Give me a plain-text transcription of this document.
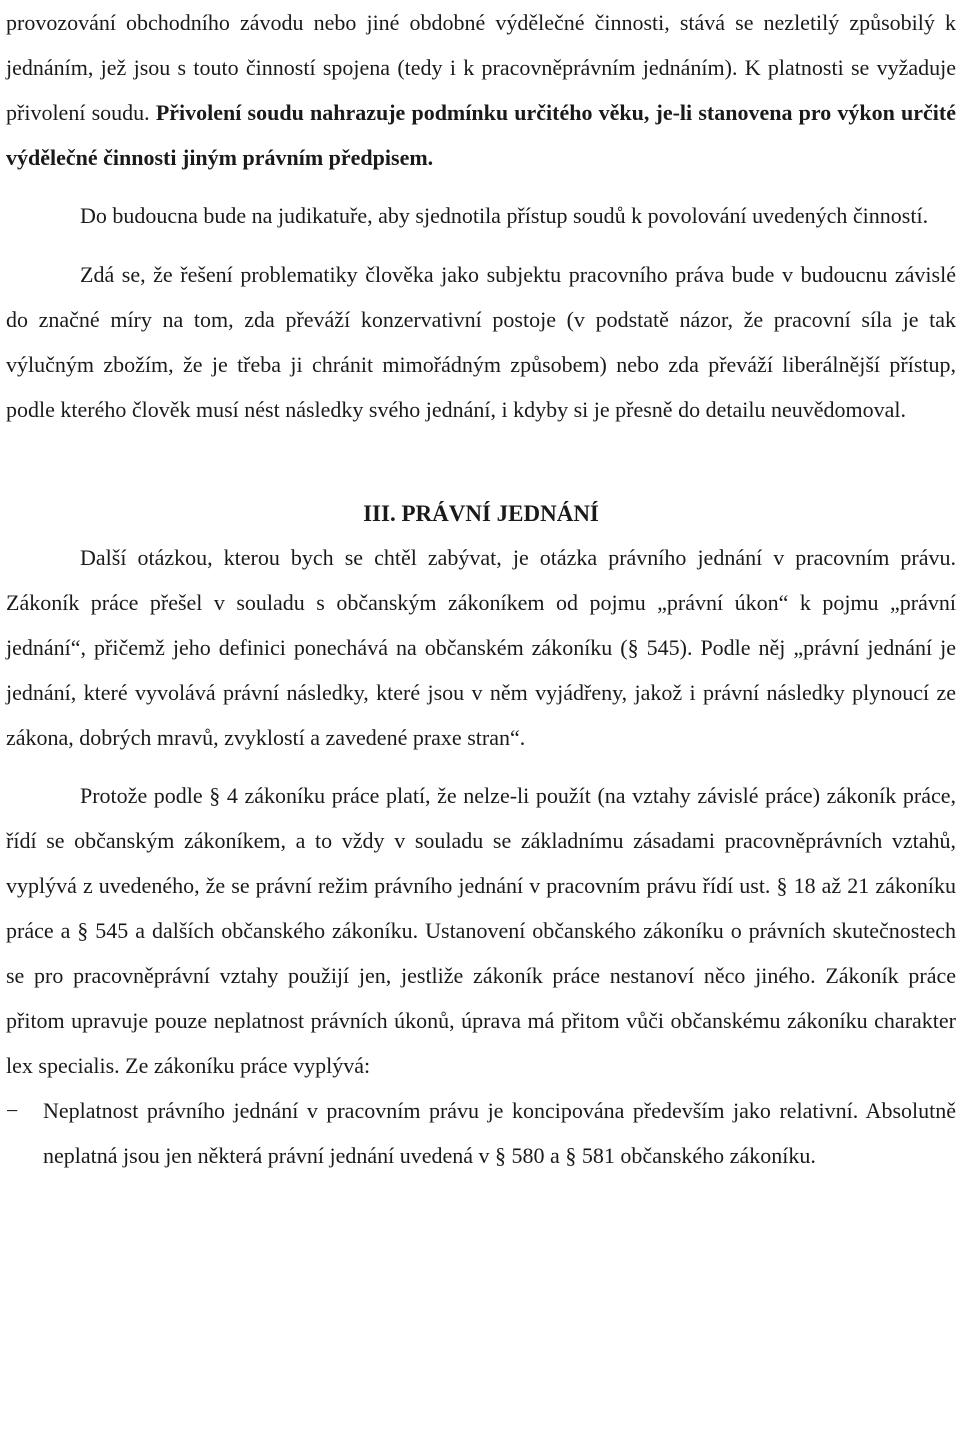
provozování obchodního závodu nebo jiné obdobné výdělečné činnosti, stává se nezletilý způsobilý k jednáním, jež jsou s touto činností spojena (tedy i k pracovněprávním jednáním). K platnosti se vyžaduje přivolení soudu. Přivolení soudu nahrazuje podmínku určitého věku, je-li stanovena pro výkon určité výdělečné činnosti jiným právním předpisem.

Do budoucna bude na judikatuře, aby sjednotila přístup soudů k povolování uvedených činností.

Zdá se, že řešení problematiky člověka jako subjektu pracovního práva bude v budoucnu závislé do značné míry na tom, zda převáží konzervativní postoje (v podstatě názor, že pracovní síla je tak výlučným zbožím, že je třeba ji chránit mimořádným způsobem) nebo zda převáží liberálnější přístup, podle kterého člověk musí nést následky svého jednání, i kdyby si je přesně do detailu neuvědomoval.

III. PRÁVNÍ JEDNÁNÍ

Další otázkou, kterou bych se chtěl zabývat, je otázka právního jednání v pracovním právu. Zákoník práce přešel v souladu s občanským zákoníkem od pojmu „právní úkon“ k pojmu „právní jednání“, přičemž jeho definici ponechává na občanském zákoníku (§ 545). Podle něj „právní jednání je jednání, které vyvolává právní následky, které jsou v něm vyjádřeny, jakož i právní následky plynoucí ze zákona, dobrých mravů, zvyklostí a zavedené praxe stran“.

Protože podle § 4 zákoníku práce platí, že nelze-li použít (na vztahy závislé práce) zákoník práce, řídí se občanským zákoníkem, a to vždy v souladu se základnímu zásadami pracovněprávních vztahů, vyplývá z uvedeného, že se právní režim právního jednání v pracovním právu řídí ust. § 18 až 21 zákoníku práce a § 545 a dalších občanského zákoníku. Ustanovení občanského zákoníku o právních skutečnostech se pro pracovněprávní vztahy použijí jen, jestliže zákoník práce nestanoví něco jiného. Zákoník práce přitom upravuje pouze neplatnost právních úkonů, úprava má přitom vůči občanskému zákoníku charakter lex specialis. Ze zákoníku práce vyplývá:

− Neplatnost právního jednání v pracovním právu je koncipována především jako relativní. Absolutně neplatná jsou jen některá právní jednání uvedená v § 580 a § 581 občanského zákoníku.
